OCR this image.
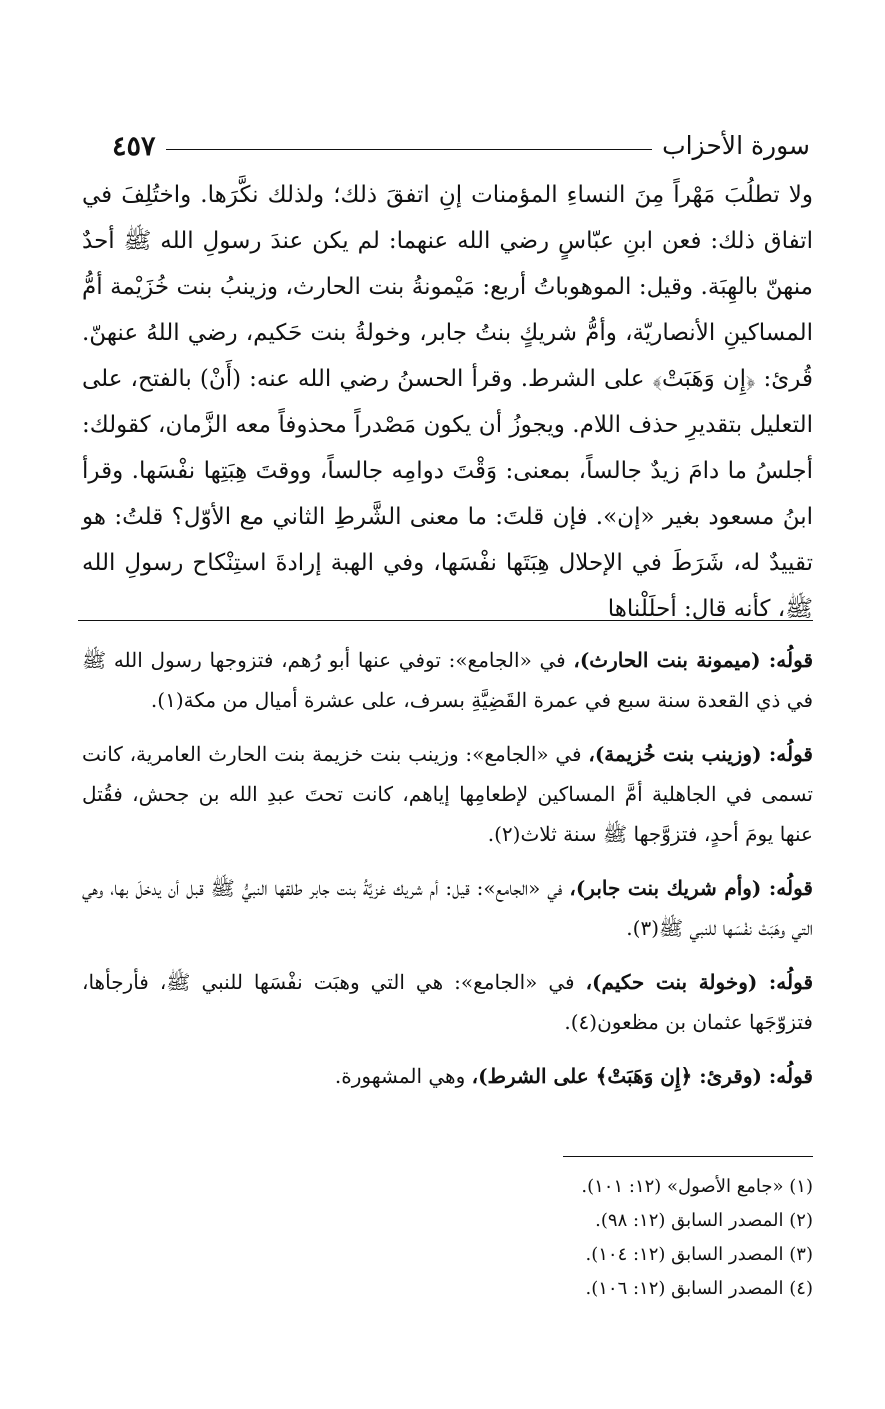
سورة الأحزاب
٤٥٧

ولا تطلُبَ مَهْراً مِنَ النساءِ المؤمنات إنِ اتفقَ ذلك؛ ولذلك نكَّرَها. واختُلِفَ في اتفاق ذلك: فعن ابنِ عبّاسٍ رضي الله عنهما: لم يكن عندَ رسولِ الله ﷺ أحدٌ منهنّ بالهِبَة. وقيل: الموهوباتُ أربع: مَيْمونةُ بنت الحارث، وزينبُ بنت خُزَيْمة أمُّ المساكينِ الأنصاريّة، وأمُّ شريكٍ بنتُ جابر، وخولةُ بنت حَكيم، رضي اللهُ عنهنّ. قُرئ: ﴿إِن وَهَبَتْ﴾ على الشرط. وقرأ الحسنُ رضي الله عنه: (أَنْ) بالفتح، على التعليل بتقديرِ حذف اللام. ويجوزُ أن يكون مَصْدراً محذوفاً معه الزَّمان، كقولك: أجلسُ ما دامَ زيدٌ جالساً، بمعنى: وَقْتَ دوامِه جالساً، ووقتَ هِبَتِها نفْسَها. وقرأ ابنُ مسعود بغير «إن». فإن قلتَ: ما معنى الشَّرطِ الثاني مع الأوّل؟ قلتُ: هو تقييدٌ له، شَرَطَ في الإحلال هِبَتَها نفْسَها، وفي الهبة إرادةَ استِنْكاح رسولِ الله ﷺ، كأنه قال: أحلَلْناها

قولُه: (ميمونة بنت الحارث)، في «الجامع»: توفي عنها أبو رُهم، فتزوجها رسول الله ﷺ في ذي القعدة سنة سبع في عمرة القَضِيَّةِ بسرف، على عشرة أميال من مكة(١).

قولُه: (وزينب بنت خُزيمة)، في «الجامع»: وزينب بنت خزيمة بنت الحارث العامرية، كانت تسمى في الجاهلية أمَّ المساكين لإطعامِها إياهم، كانت تحتَ عبدِ الله بن جحش، فقُتل عنها يومَ أحدٍ، فتزوَّجها ﷺ سنة ثلاث(٢).

قولُه: (وأم شريك بنت جابر)، في «الجامع»: قيل: أم شريك غزيَّةُ بنت جابر طلقها النبيُّ ﷺ قبل أن يدخلَ بها، وهي التي وهَبَتْ نفْسَها للنبي ﷺ(٣).

قولُه: (وخولة بنت حكيم)، في «الجامع»: هي التي وهبَت نفْسَها للنبي ﷺ، فأرجأها، فتزوّجَها عثمان بن مظعون(٤).

قولُه: (وقرئ: ﴿إِن وَهَبَتْ﴾ على الشرط)، وهي المشهورة.

(١) «جامع الأصول» (١٢: ١٠١).

(٢) المصدر السابق (١٢: ٩٨).

(٣) المصدر السابق (١٢: ١٠٤).

(٤) المصدر السابق (١٢: ١٠٦).
